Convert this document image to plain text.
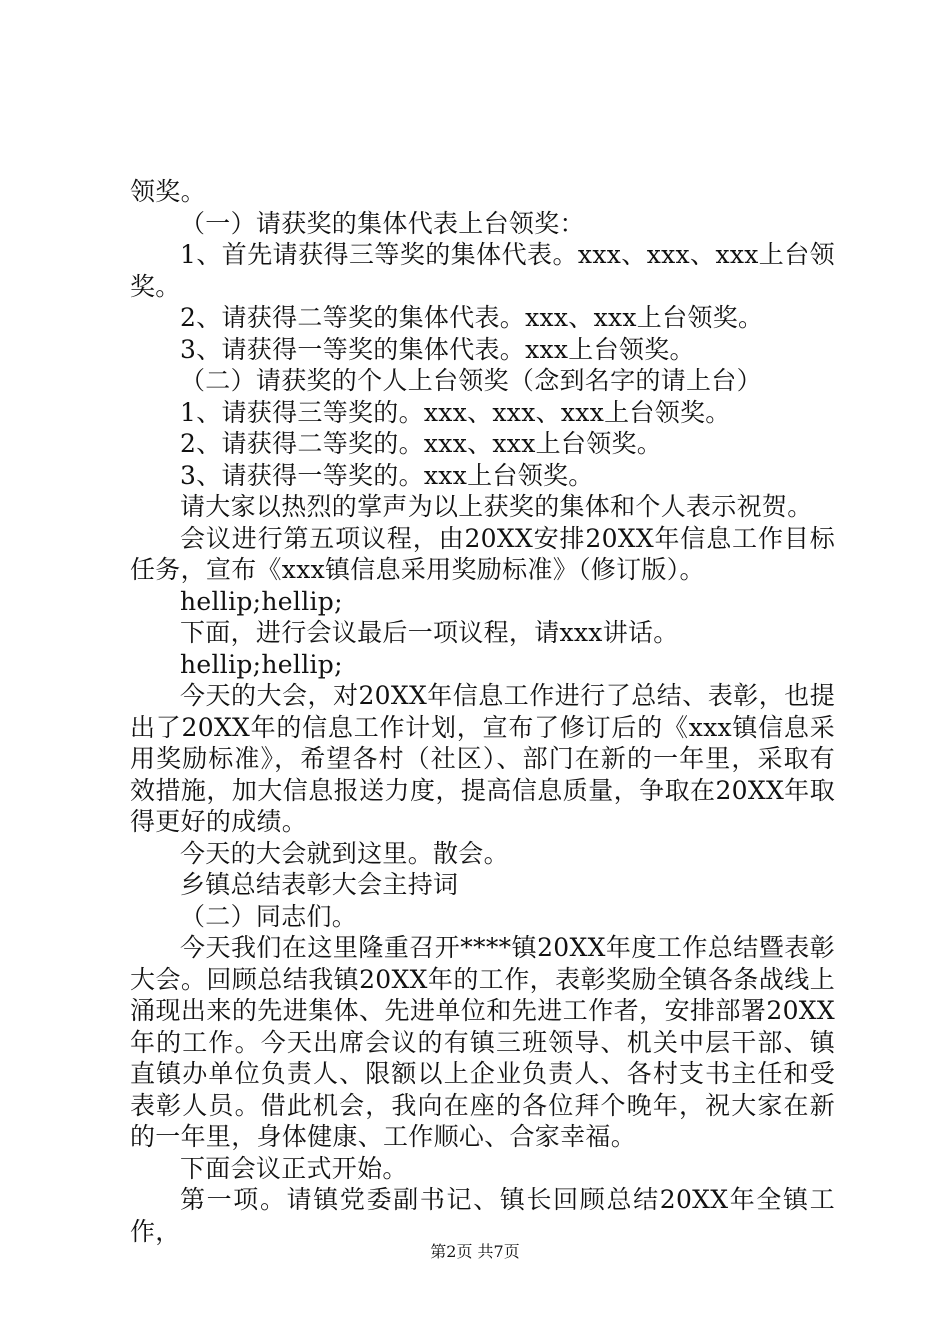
领奖。

（一）请获奖的集体代表上台领奖：

1、首先请获得三等奖的集体代表。xxx、xxx、xxx上台领奖。

2、请获得二等奖的集体代表。xxx、xxx上台领奖。

3、请获得一等奖的集体代表。xxx上台领奖。

（二）请获奖的个人上台领奖（念到名字的请上台）

1、请获得三等奖的。xxx、xxx、xxx上台领奖。

2、请获得二等奖的。xxx、xxx上台领奖。

3、请获得一等奖的。xxx上台领奖。

请大家以热烈的掌声为以上获奖的集体和个人表示祝贺。

会议进行第五项议程，由20XX安排20XX年信息工作目标任务，宣布《xxx镇信息采用奖励标准》（修订版）。

hellip;hellip;

下面，进行会议最后一项议程，请xxx讲话。

hellip;hellip;

今天的大会，对20XX年信息工作进行了总结、表彰，也提出了20XX年的信息工作计划，宣布了修订后的《xxx镇信息采用奖励标准》，希望各村（社区）、部门在新的一年里，采取有效措施，加大信息报送力度，提高信息质量，争取在20XX年取得更好的成绩。

今天的大会就到这里。散会。

乡镇总结表彰大会主持词

（二）同志们。

今天我们在这里隆重召开****镇20XX年度工作总结暨表彰大会。回顾总结我镇20XX年的工作，表彰奖励全镇各条战线上涌现出来的先进集体、先进单位和先进工作者，安排部署20XX年的工作。今天出席会议的有镇三班领导、机关中层干部、镇直镇办单位负责人、限额以上企业负责人、各村支书主任和受表彰人员。借此机会，我向在座的各位拜个晚年，祝大家在新的一年里，身体健康、工作顺心、合家幸福。

下面会议正式开始。

第一项。请镇党委副书记、镇长回顾总结20XX年全镇工作，

第2页 共7页
